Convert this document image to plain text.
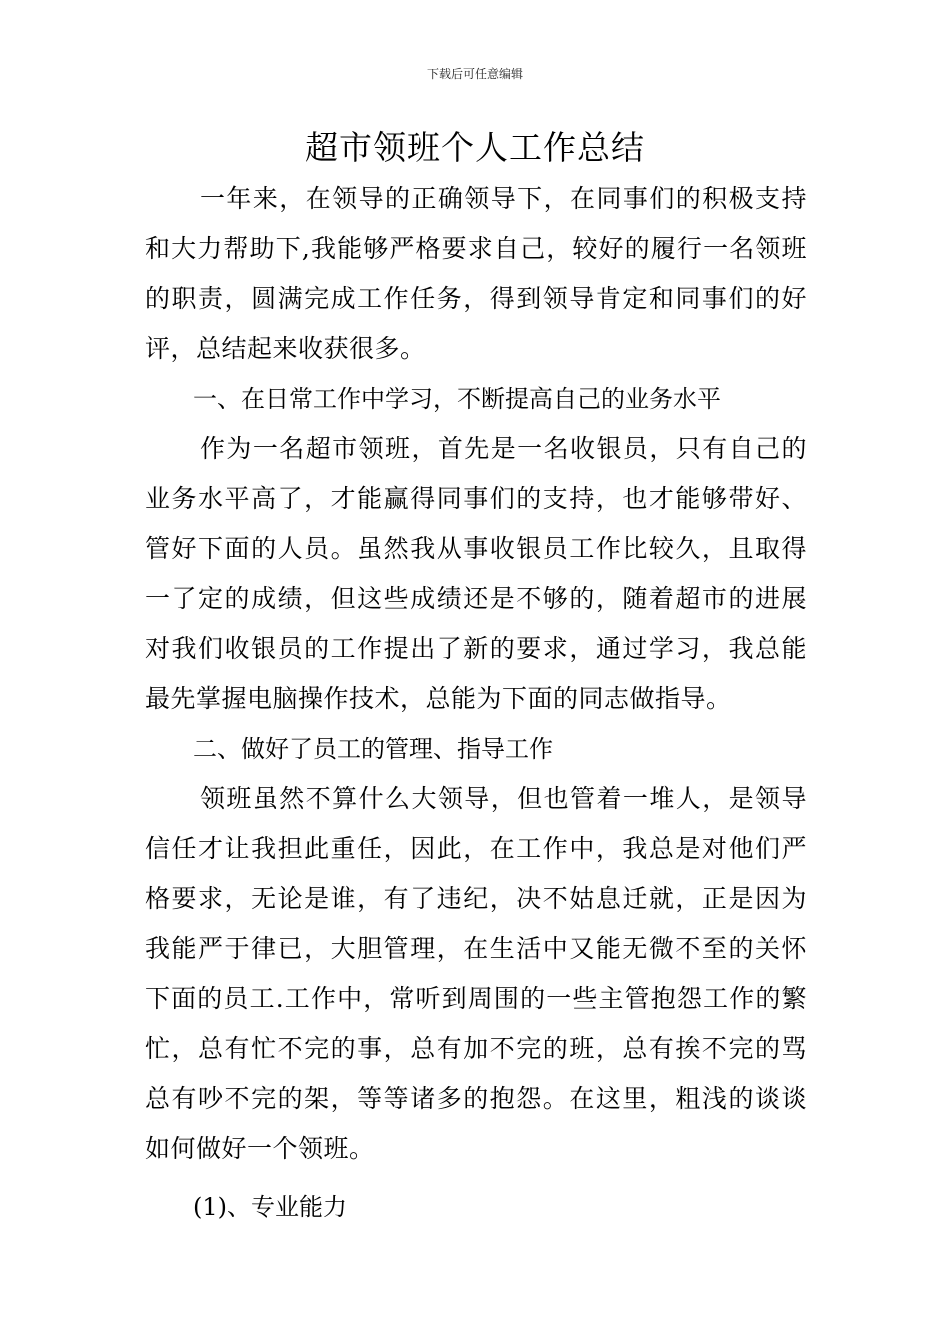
下载后可任意编辑
超市领班个人工作总结

一年来，在领导的正确领导下，在同事们的积极支持和大力帮助下,我能够严格要求自己，较好的履行一名领班的职责，圆满完成工作任务，得到领导肯定和同事们的好评，总结起来收获很多。

一、在日常工作中学习，不断提高自己的业务水平

作为一名超市领班，首先是一名收银员，只有自己的业务水平高了，才能赢得同事们的支持，也才能够带好、管好下面的人员。虽然我从事收银员工作比较久，且取得一了定的成绩，但这些成绩还是不够的，随着超市的进展对我们收银员的工作提出了新的要求，通过学习，我总能最先掌握电脑操作技术，总能为下面的同志做指导。

二、做好了员工的管理、指导工作

领班虽然不算什么大领导，但也管着一堆人，是领导信任才让我担此重任，因此，在工作中，我总是对他们严格要求，无论是谁，有了违纪，决不姑息迁就，正是因为我能严于律已，大胆管理，在生活中又能无微不至的关怀下面的员工.工作中，常听到周围的一些主管抱怨工作的繁忙，总有忙不完的事，总有加不完的班，总有挨不完的骂总有吵不完的架，等等诸多的抱怨。在这里，粗浅的谈谈如何做好一个领班。

(1)、专业能力
